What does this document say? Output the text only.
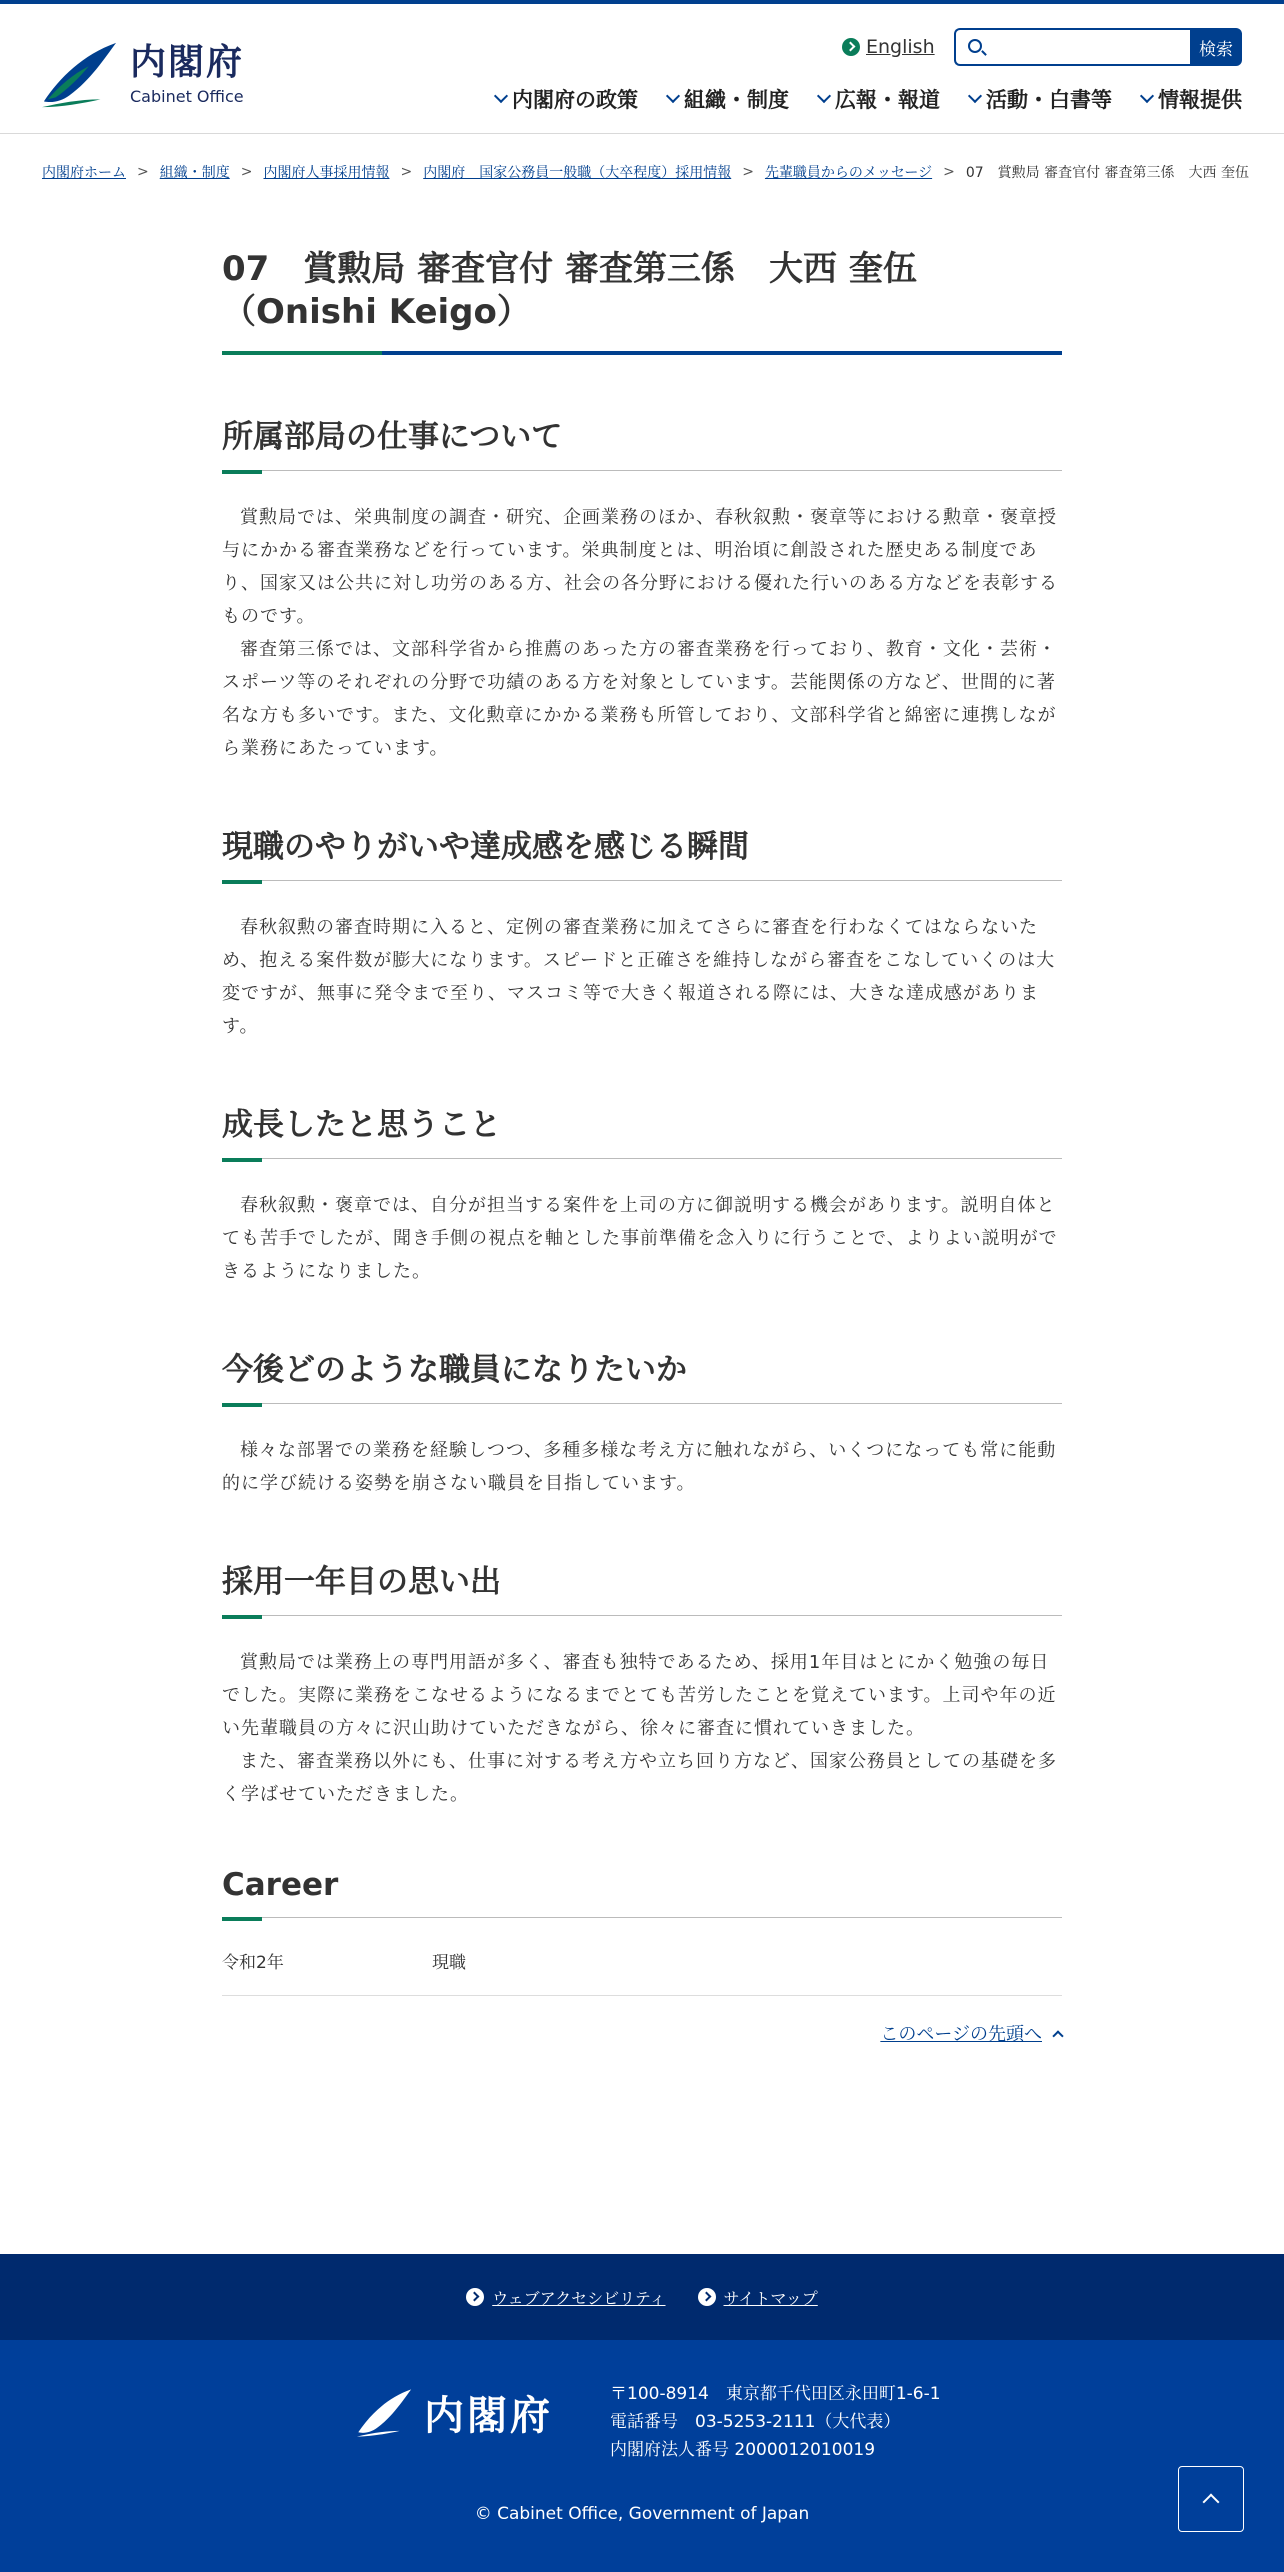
内閣府
Cabinet Office
English	検索
内閣府の政策 組織・制度 広報・報道 活動・白書等 情報提供
内閣府ホーム > 組織・制度 > 内閣府人事採用情報 > 内閣府　国家公務員一般職（大卒程度）採用情報 > 先輩職員からのメッセージ > 07　賞勲局 審査官付 審査第三係　大西 奎伍
07　賞勲局 審査官付 審査第三係　大西 奎伍（Onishi Keigo）
所属部局の仕事について

賞勲局では、栄典制度の調査・研究、企画業務のほか、春秋叙勲・褒章等における勲章・褒章授与にかかる審査業務などを行っています。栄典制度とは、明治頃に創設された歴史ある制度であり、国家又は公共に対し功労のある方、社会の各分野における優れた行いのある方などを表彰するものです。

審査第三係では、文部科学省から推薦のあった方の審査業務を行っており、教育・文化・芸術・スポーツ等のそれぞれの分野で功績のある方を対象としています。芸能関係の方など、世間的に著名な方も多いです。また、文化勲章にかかる業務も所管しており、文部科学省と綿密に連携しながら業務にあたっています。

現職のやりがいや達成感を感じる瞬間

春秋叙勲の審査時期に入ると、定例の審査業務に加えてさらに審査を行わなくてはならないため、抱える案件数が膨大になります。スピードと正確さを維持しながら審査をこなしていくのは大変ですが、無事に発令まで至り、マスコミ等で大きく報道される際には、大きな達成感があります。

成長したと思うこと

春秋叙勲・褒章では、自分が担当する案件を上司の方に御説明する機会があります。説明自体とても苦手でしたが、聞き手側の視点を軸とした事前準備を念入りに行うことで、よりよい説明ができるようになりました。

今後どのような職員になりたいか

様々な部署での業務を経験しつつ、多種多様な考え方に触れながら、いくつになっても常に能動的に学び続ける姿勢を崩さない職員を目指しています。

採用一年目の思い出

賞勲局では業務上の専門用語が多く、審査も独特であるため、採用1年目はとにかく勉強の毎日でした。実際に業務をこなせるようになるまでとても苦労したことを覚えています。上司や年の近い先輩職員の方々に沢山助けていただきながら、徐々に審査に慣れていきました。

また、審査業務以外にも、仕事に対する考え方や立ち回り方など、国家公務員としての基礎を多く学ばせていただきました。

Career
令和2年	現職
このページの先頭へ
ウェブアクセシビリティ	サイトマップ
内閣府	〒100-8914　東京都千代田区永田町1-6-1
電話番号　03-5253-2111（大代表）
内閣府法人番号 2000012010019
© Cabinet Office, Government of Japan
